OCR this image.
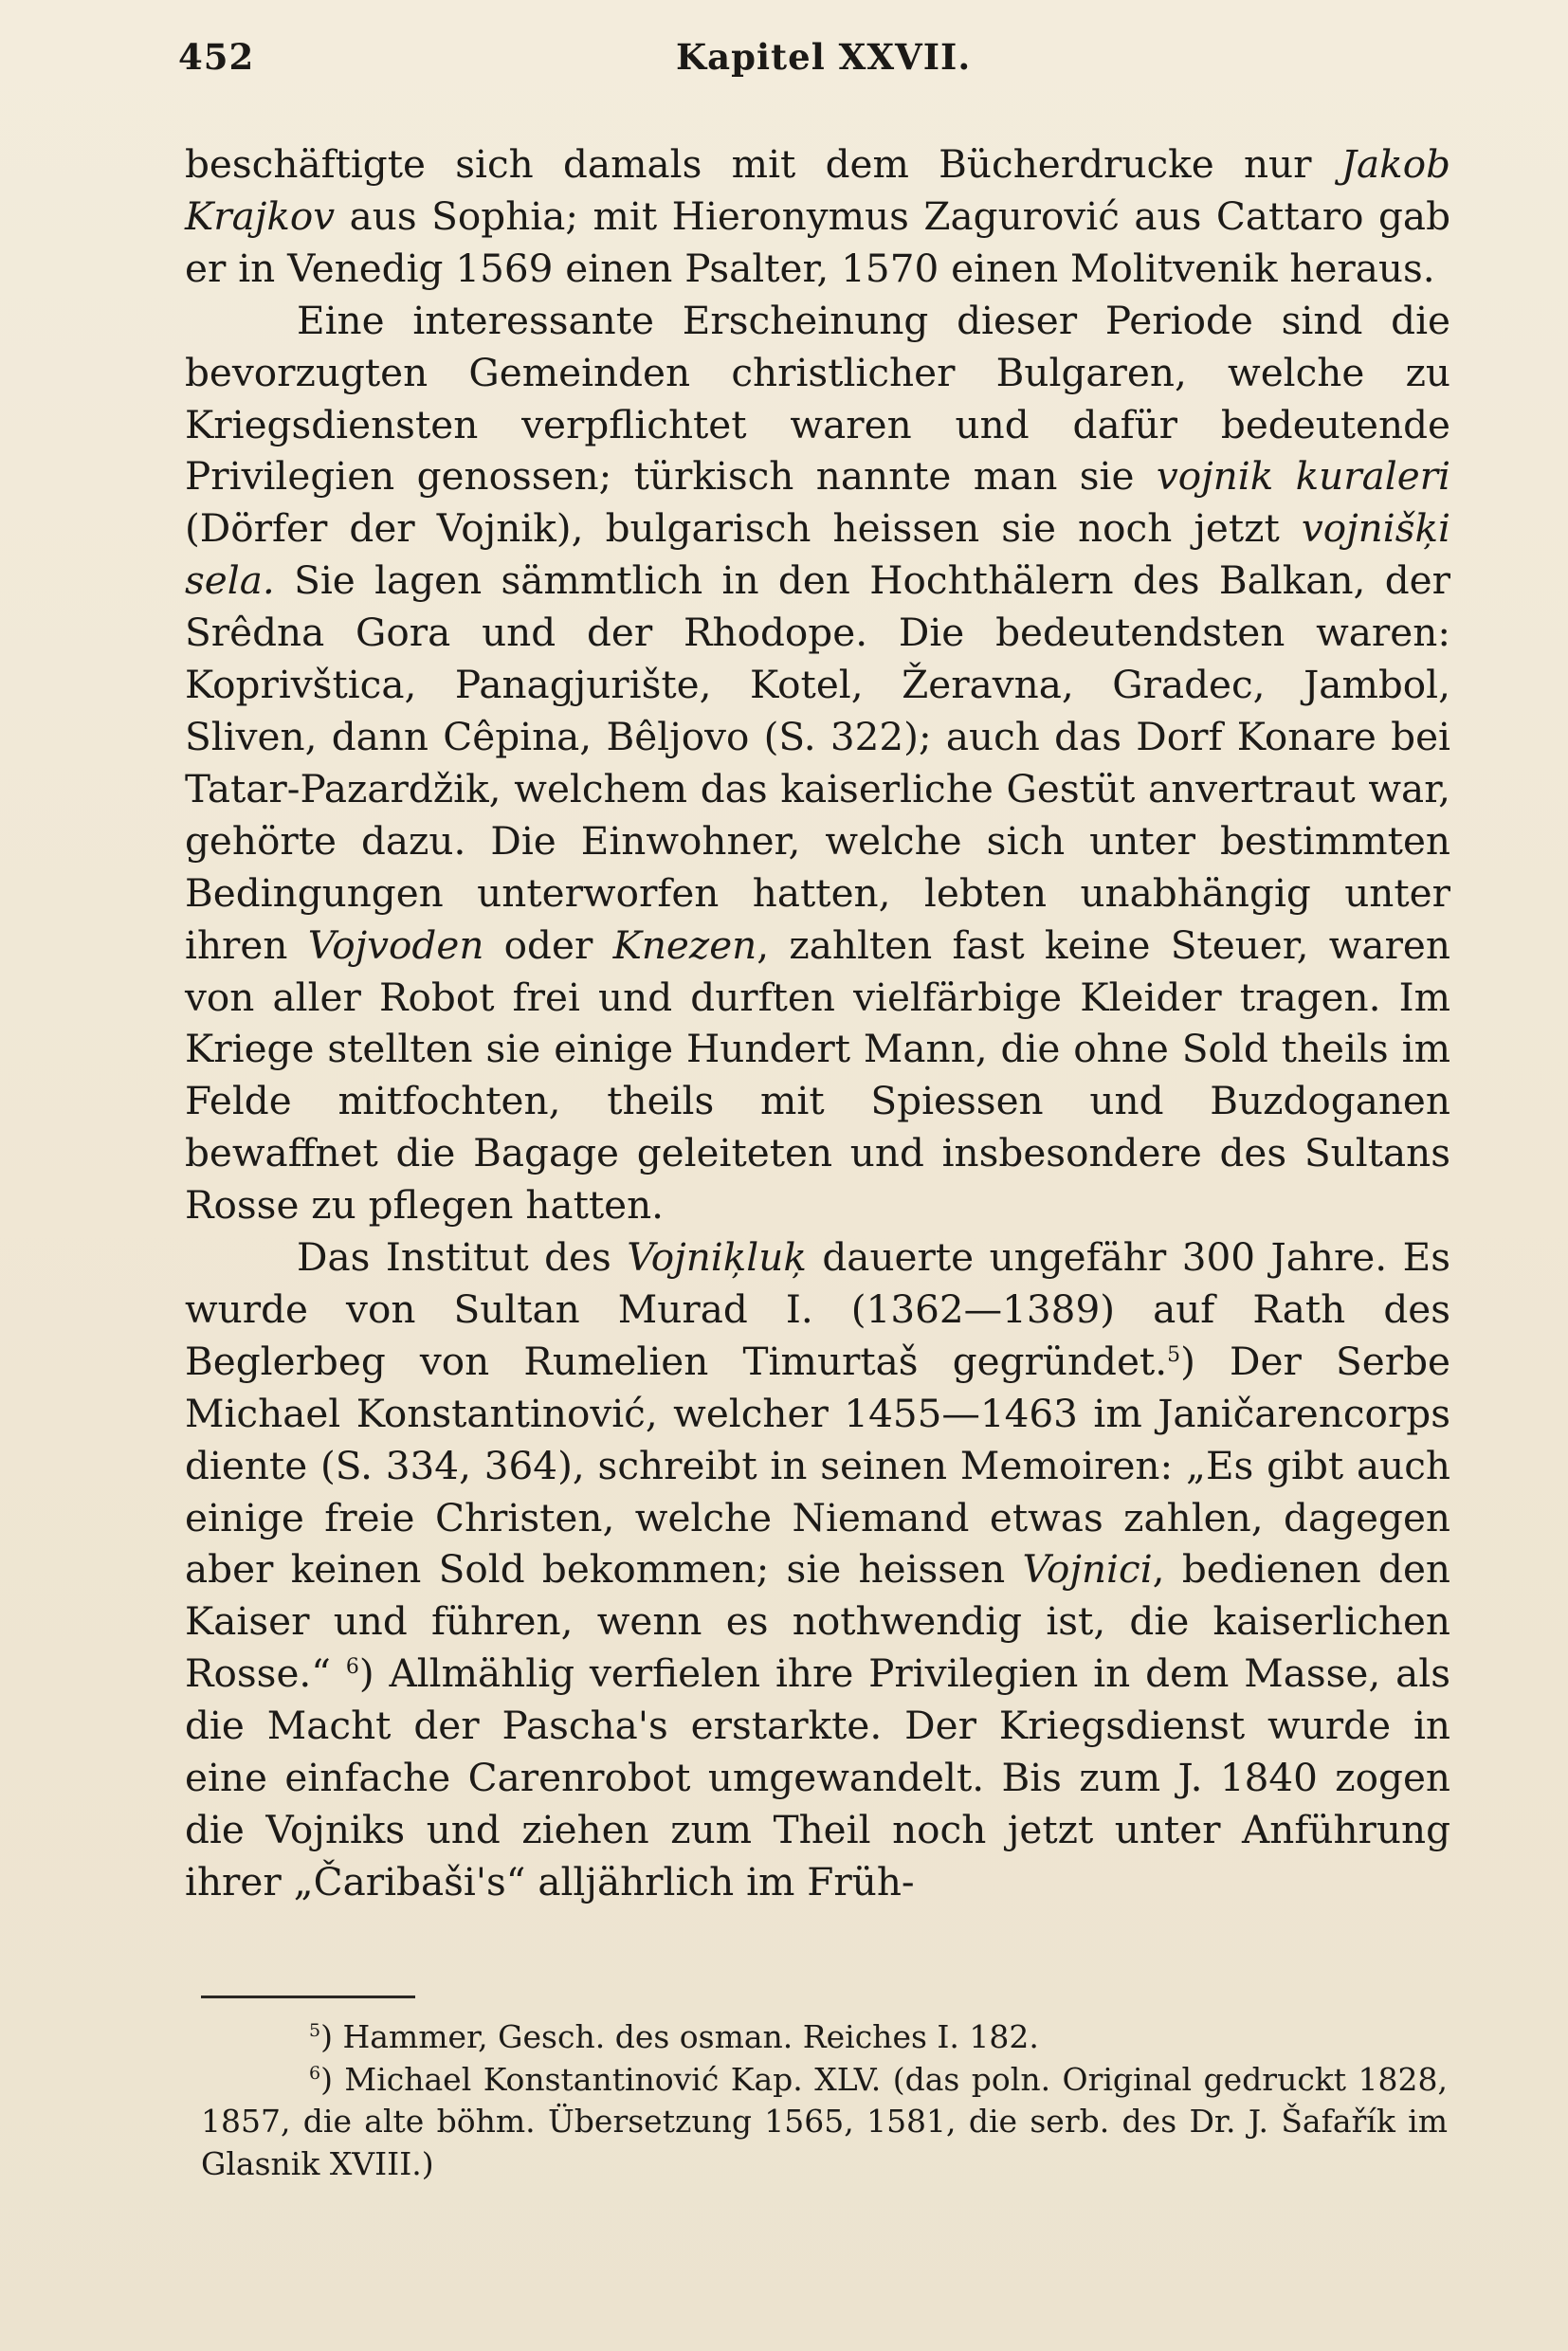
452	Kapitel XXVII.

beschäftigte sich damals mit dem Bücherdrucke nur Jakob Krajkov aus Sophia; mit Hieronymus Zagurović aus Cattaro gab er in Venedig 1569 einen Psalter, 1570 einen Molitvenik heraus.

Eine interessante Erscheinung dieser Periode sind die bevorzugten Gemeinden christlicher Bulgaren, welche zu Kriegsdiensten verpflichtet waren und dafür bedeutende Privilegien genossen; türkisch nannte man sie vojnik kuraleri (Dörfer der Vojnik), bulgarisch heissen sie noch jetzt vojnišķi sela. Sie lagen sämmtlich in den Hochthälern des Balkan, der Srêdna Gora und der Rhodope. Die bedeutendsten waren: Koprivštica, Panagjurište, Kotel, Žeravna, Gradec, Jambol, Sliven, dann Cêpina, Bêljovo (S. 322); auch das Dorf Konare bei Tatar-Pazardžik, welchem das kaiserliche Gestüt anvertraut war, gehörte dazu. Die Einwohner, welche sich unter bestimmten Bedingungen unterworfen hatten, lebten unabhängig unter ihren Vojvoden oder Knezen, zahlten fast keine Steuer, waren von aller Robot frei und durften vielfärbige Kleider tragen. Im Kriege stellten sie einige Hundert Mann, die ohne Sold theils im Felde mitfochten, theils mit Spiessen und Buzdoganen bewaffnet die Bagage geleiteten und insbesondere des Sultans Rosse zu pflegen hatten.

Das Institut des Vojniķluķ dauerte ungefähr 300 Jahre. Es wurde von Sultan Murad I. (1362—1389) auf Rath des Beglerbeg von Rumelien Timurtaš gegründet.$^5$) Der Serbe Michael Konstantinović, welcher 1455—1463 im Janičarencorps diente (S. 334, 364), schreibt in seinen Memoiren: „Es gibt auch einige freie Christen, welche Niemand etwas zahlen, dagegen aber keinen Sold bekommen; sie heissen Vojnici, bedienen den Kaiser und führen, wenn es nothwendig ist, die kaiserlichen Rosse.“ $^6$) Allmählig verfielen ihre Privilegien in dem Masse, als die Macht der Pascha's erstarkte. Der Kriegsdienst wurde in eine einfache Carenrobot umgewandelt. Bis zum J. 1840 zogen die Vojniks und ziehen zum Theil noch jetzt unter Anführung ihrer „Čaribaši's“ alljährlich im Früh-

$^5$) Hammer, Gesch. des osman. Reiches I. 182.

$^6$) Michael Konstantinović Kap. XLV. (das poln. Original gedruckt 1828, 1857, die alte böhm. Übersetzung 1565, 1581, die serb. des Dr. J. Šafařík im Glasnik XVIII.)
